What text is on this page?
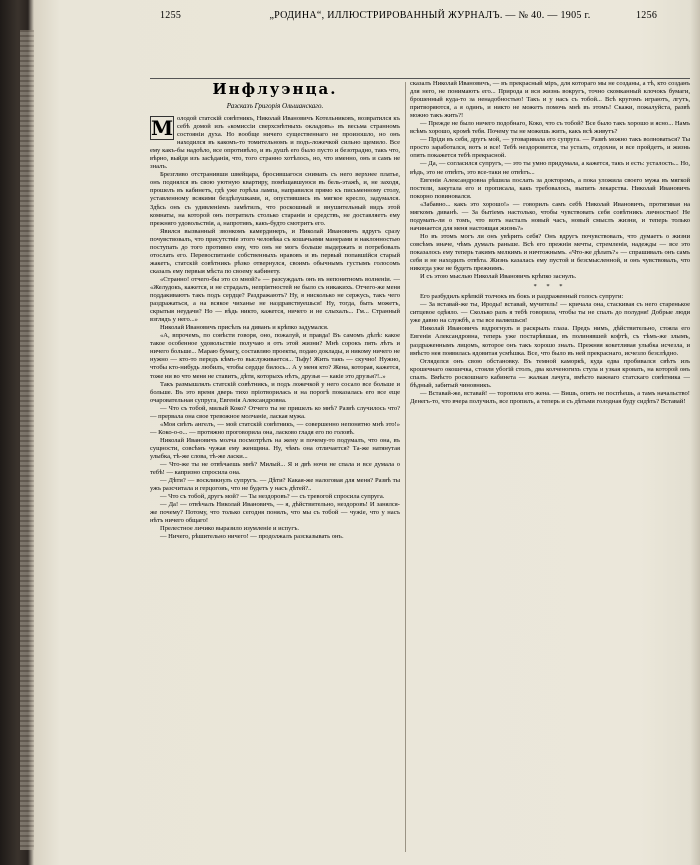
1255	„РОДИНА“, ИЛЛЮСТРИРОВАННЫЙ ЖУРНАЛЪ. — № 40. — 1905 г.	1256
Инфлуэнца.
Разсказъ Григорія Ольшанскаго.
М олодой статскій совѣтникъ, Николай Ивановичъ Котельниковъ, возвратился къ себѣ домой изъ «комиссіи сверхсмѣтныхъ окладовъ» въ весьма странномъ состояніи духа. Но вообще ничего существеннаго не произошло, но онъ находился въ какомъ-то томительномъ и подъ-ложечкой сильно щемило. Все ему какъ-бы надоѣло, все опротивѣло, и въ душѣ его было пусто и безотрадно, такъ что, вѣрно, выйдя изъ засѣданія, что, того странно хотѣлось, но, что именно, онъ и самъ не зналъ.

Брезгливо отстранивши швейцара, бросившагося снимать съ него верхнее платье, онъ поднялся въ свою уютную квартиру, помѣщавшуюся въ бель-этажѣ, и, не заходя, прошелъ въ кабинетъ, гдѣ уже горѣла лампа, направился прямо къ письменному столу, уставленному всякими бездѣлушками, и, опустившись въ мягкое кресло, задумался. Здѣсь онъ съ удивленіемъ замѣтилъ, что роскошный и внушительный видъ этой комнаты, на которой онъ потратилъ столько старанія и средствъ, не доставляетъ ему прежняго удовольствія, а, напротивъ, какъ-будто смотритъ его.

Явился вызванный звонкомъ камердинеръ, и Николай Ивановичъ вдругъ сразу почувствовалъ, что присутствіе этого человѣка съ кошачьими манерами и наклонностью поступать до того противно ему, что онъ не могъ больше выдержать и потребовалъ отослать его. Перевоспитаніе собственныхъ нравовъ и въ первый попавшійся старый жакетъ, статскій совѣтникъ рѣзко отвернулся, своимъ обычнымъ густымъ голосомъ сказалъ ему первыя мѣста по своему кабинету.

«Странно! отчего-бы это со мной?» — разсуждалъ онъ въ непонятномъ волненіи. — «Желудокъ, кажется, и не страдалъ, непріятностей не было съ никакихъ. Отчего-же меня поддакиваютъ такъ подъ сердце? Раздражаютъ? Ну, я нисколько не сержусь, такъ чего раздражаться, а на всякое чиханье не наздравствуешься! Ну, тогда, быть можетъ, скрытыя неудачи? Но — вѣдь никто, кажется, ничего и не слыхалъ... Гм... Странный взглядъ у него...»

Николай Ивановичъ присѣлъ на диванъ и крѣпко задумался.

«А, впрочемъ, по совѣсти говоря, оно, пожалуй, и правда! Въ самомъ дѣлѣ: какое такое особенное удовольствіе получаю я отъ этой жизни? Мнѣ сорокъ пять лѣтъ и ничего больше... Мараю бумагу, составляю проекты, подаю доклады, и никому ничего не нужно — кто-то передъ кѣмъ-то выслуживается... Тьфу! Жить такъ — скучно! Нужно, чтобы кто-нибудь любилъ, чтобы сердце билось... А у меня кто? Жена, которая, кажется, тоже ни во что меня не ставитъ, дѣти, которыхъ нѣтъ, друзья — какіе это друзья?!..»

Такъ размышлялъ статскій совѣтникъ, и подъ ложечкой у него сосало все больше и больше. Въ это время дверь тихо пріотворилась и на порогѣ показалась его все еще очаровательная супруга, Евгенія Александровна.

— Что съ тобой, милый Коко? Отчего ты не пришелъ ко мнѣ? Развѣ случилось что? — прервала она свое тревожное молчаніе, лаская мужа.

«Моя свѣтъ ангелъ, — мой статскій совѣтникъ, — совершенно непонятно мнѣ это!» — Коко-о-о... — протяжно проговорила она, ласково гладя его по головѣ.

Николай Ивановичъ молча посмотрѣлъ на жену и почему-то подумалъ, что она, въ сущности, совсѣмъ чужая ему женщина. Ну, чѣмъ она отличается? Та-же натянутая улыбка, тѣ-же слова, тѣ-же ласки...

— Что-же ты не отвѣчаешь мнѣ? Милый... Я и двѣ ночи не спала и все думала о тебѣ! — капризно спросила она.

— Дѣти? — воскликнулъ супругъ. — Дѣти? Какая-же налоговая для меня? Развѣ ты ужъ разсчитала и герцоговъ, что не будетъ у насъ дѣтей?..

— Что съ тобой, другъ мой? — Ты нездоровъ? — съ тревогой спросила супруга.

— Да! — отвѣчалъ Николай Ивановичъ, — я, дѣйствительно, нездоровъ! И занялся-же почему? Потому, что только сегодня понялъ, что мы съ тобой — чужіе, что у насъ нѣтъ ничего общаго!

Прелестное личико выразило изумленіе и испугъ.

— Ничего, рѣшительно ничего! — продолжалъ разсказывать онъ.

сказалъ Николай Ивановичъ, — въ прекрасный міръ, для котораго мы не созданы, а тѣ, кто созданъ для него, не понимаютъ его... Природа и вся жизнь вокругъ, точно скомканный клочокъ бумаги, брошенный куда-то за ненадобностью! Такъ и у насъ съ тобой... Всѣ кругомъ играютъ, лгутъ, притворяются, а я одинъ, и никто не можетъ помочь мнѣ въ этомъ! Скажи, пожалуйста, развѣ можно такъ жить?!

— Прежде не было ничего подобнаго, Коко, что съ тобой? Все было такъ хорошо и ясно... Намъ всѣмъ хорошо, кромѣ тебя. Почему ты не можешь жить, какъ всѣ живутъ?

— Пріди въ себя, другъ мой, — уговаривала его супруга. — Развѣ можно такъ волноваться? Ты просто заработался, вотъ и все! Тебѣ нездоровится, ты усталъ, отдохни, и все пройдетъ, и жизнь опять покажется тебѣ прекрасной.

— Да, — согласился супругъ, — это ты умно придумала, а кажется, такъ и есть: усталость... Но, вѣдь, это не отвѣтъ, это все-таки не отвѣтъ...

Евгенія Александровна рѣшила послать за докторомъ, а пока уложила своего мужа въ мягкой постели, закутала его и прописала, какъ требовалось, выпить лекарства. Николай Ивановичъ покорно повиновался.

«Забавно... какъ это хорошо!» — говорилъ самъ себѣ Николай Ивановичъ, протягивая на мягкомъ диванѣ. — За бытіемъ настолько, чтобы чувствовать себя совѣтникъ личностью! Не подумать-ли о томъ, что вотъ насталъ новый часъ, новый смыслъ жизни, и теперь только начинается для меня настоящая жизнь?»

Но въ этомъ могъ ли онъ увѣрить себя? Онъ вдругъ почувствовалъ, что думаетъ о жизни совсѣмъ иначе, чѣмъ думалъ раньше. Всѣ его прежнія мечты, стремленія, надежды — все это показалось ему теперь такимъ мелкимъ и ничтожнымъ. «Что-же дѣлать?» — спрашивалъ онъ самъ себя и не находилъ отвѣта. Жизнь казалась ему пустой и безсмысленной, и онъ чувствовалъ, что никогда уже не будетъ прежнимъ.

И съ этою мыслью Николай Ивановичъ крѣпко заснулъ.

* * *

Его разбудилъ крѣпкій толчокъ въ бокъ и раздраженный голосъ супруги:

— За вставай-же ты, Ироды! вставай, мучитель! — кричала она, стаскивая съ него старенькое ситцевое одѣяло. — Сколько разъ я тебѣ говорила, чтобы ты не спалъ до полудня! Добрые люди уже давно на службѣ, а ты все валяешься!

Николай Ивановичъ вздрогнулъ и раскрылъ глаза. Предъ нимъ, дѣйствительно, стояла его Евгенія Александровна, теперь уже постарѣвшая, въ полинявшей кофтѣ, съ тѣмъ-же злымъ, раздраженнымъ лицомъ, которое онъ такъ хорошо зналъ. Прежняя кокетливая улыбка исчезла, и вмѣсто нея появилась ядовитая усмѣшка. Все, что было въ ней прекраснаго, исчезло безслѣдно.

Огляделся онъ свою обстановку. Въ темной каморкѣ, куда едва пробивался свѣтъ изъ крошечнаго окошечка, стояли убогій столъ, два колченогихъ стула и узкая кровать, на которой онъ спалъ. Вмѣсто роскошнаго кабинета — жалкая лачуга, вмѣсто важнаго статскаго совѣтника — бѣдный, забитый чиновникъ.

— Вставай-же, вставай! — торопила его жена. — Вишь, опять не поспѣешь, а тамъ начальство! Денегъ-то, что вчера получилъ, все пропилъ, а теперь и съ дѣтьми голодная буду сидѣть? Вставай!
